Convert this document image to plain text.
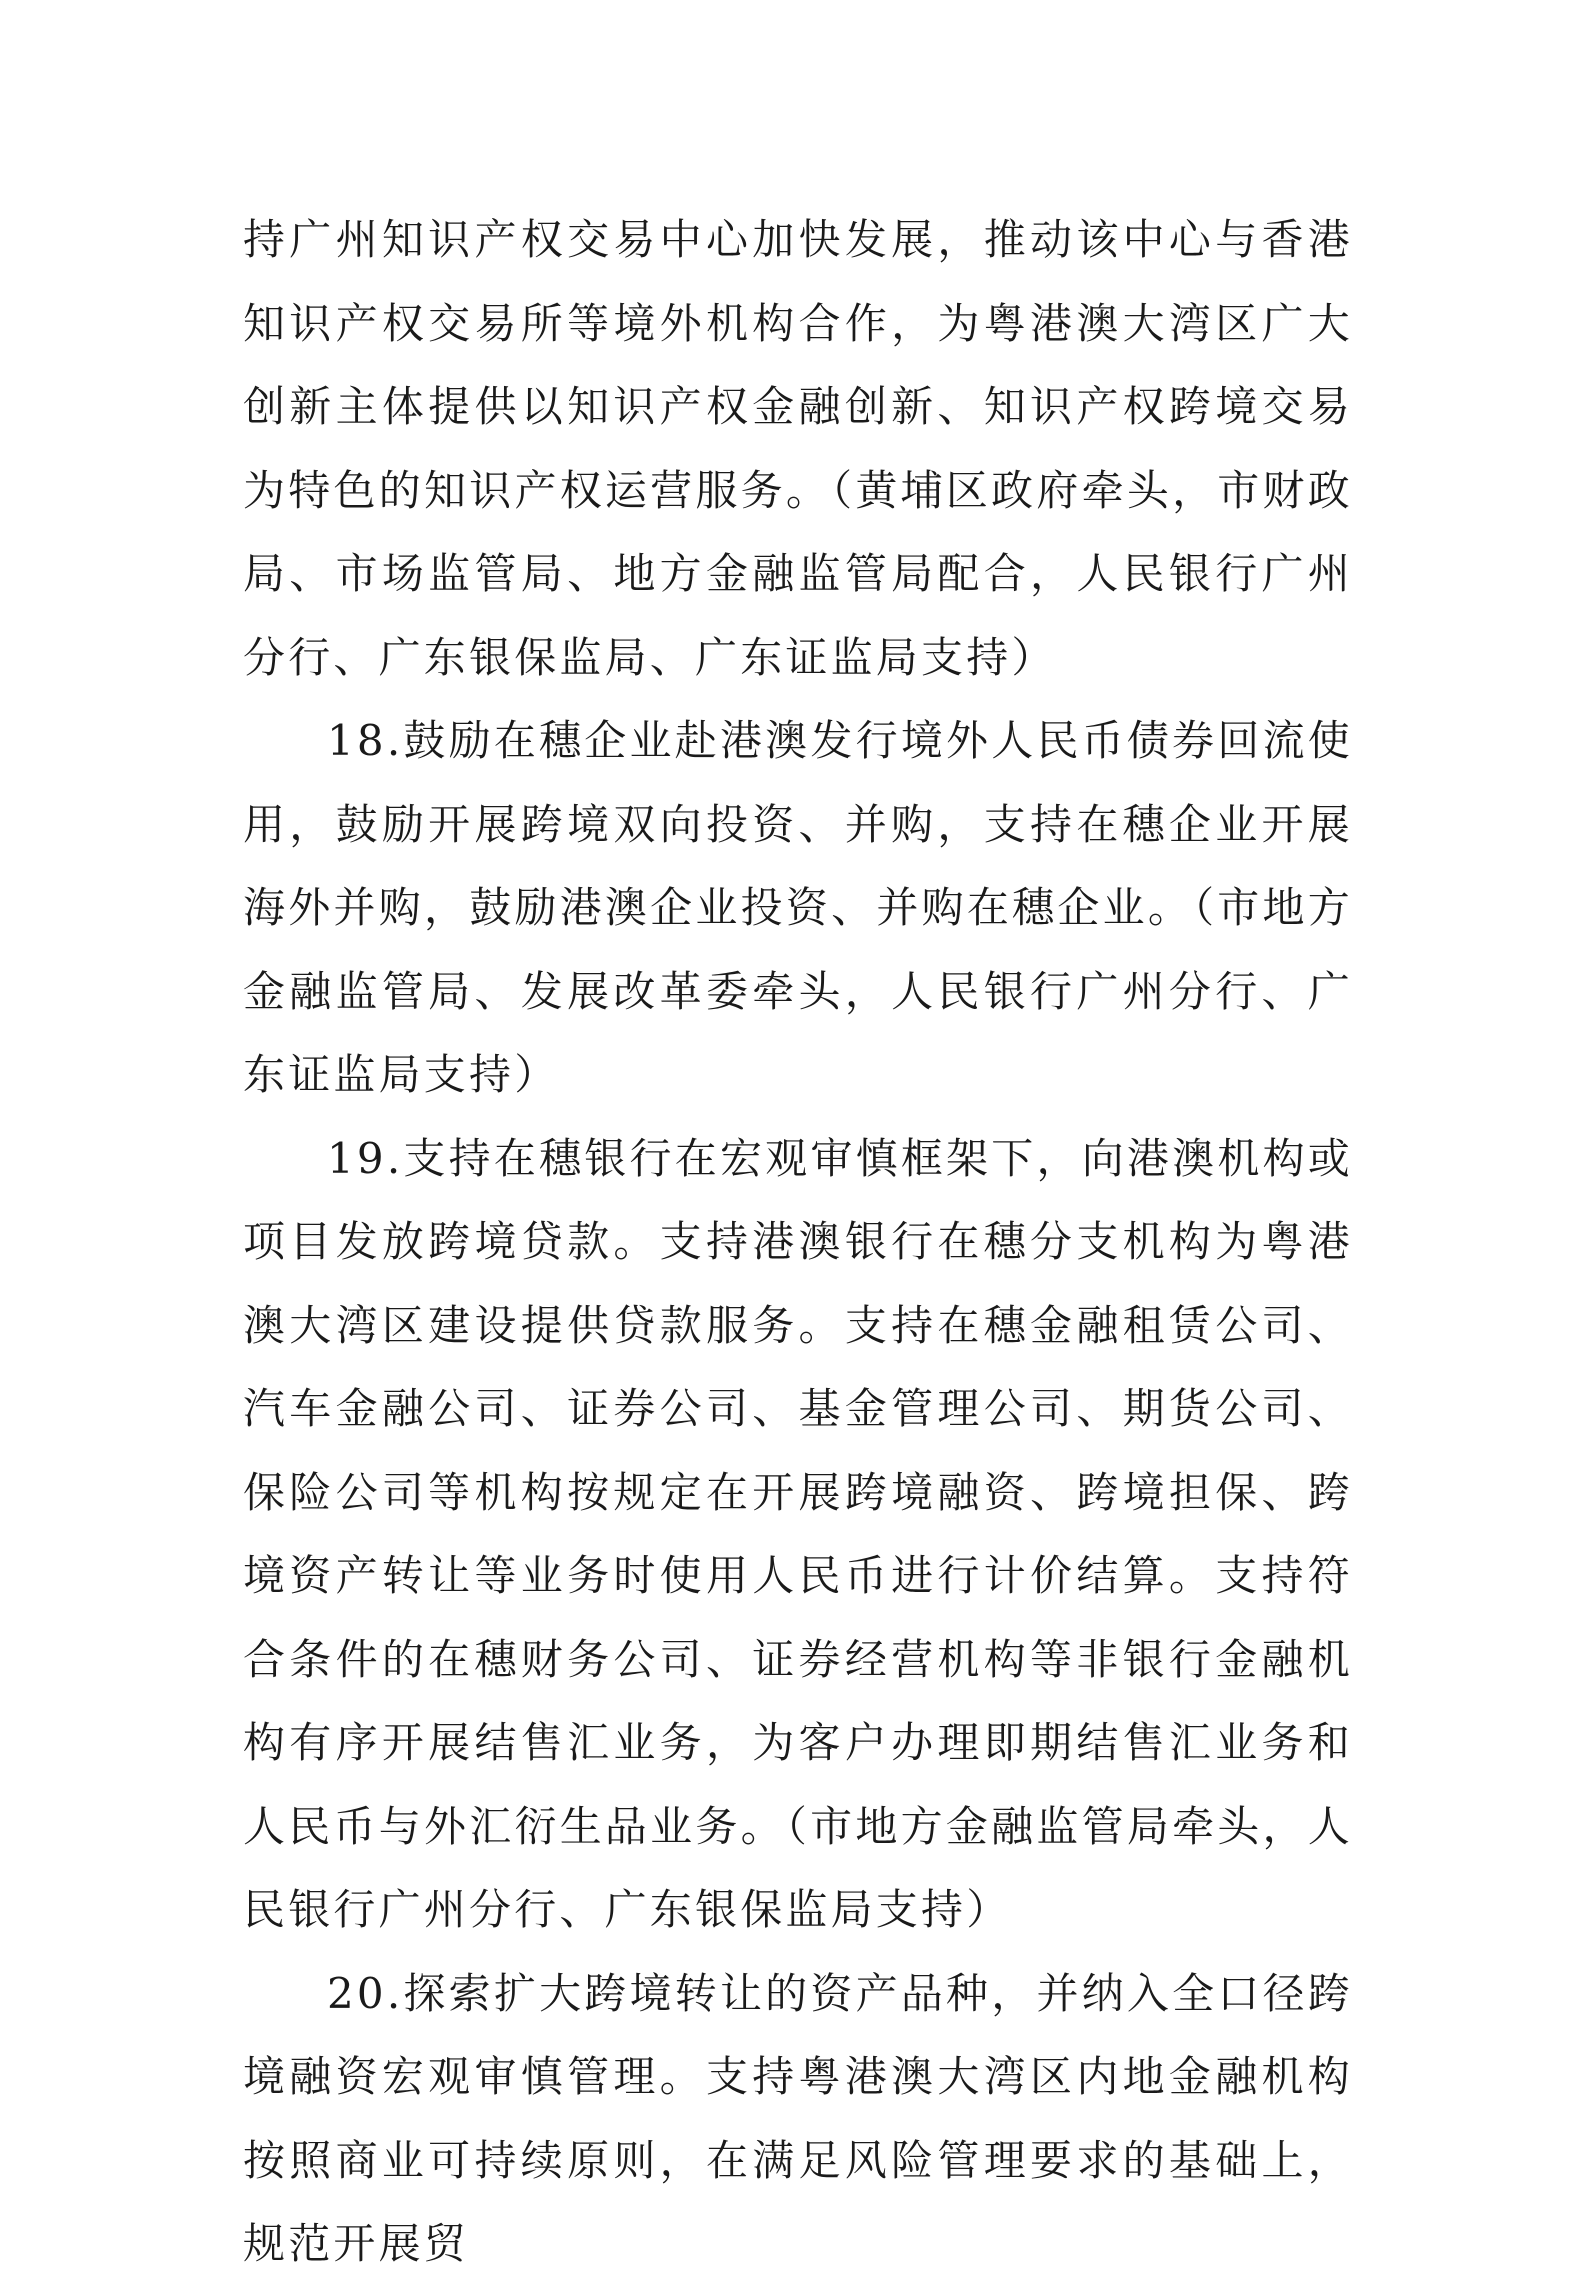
持广州知识产权交易中心加快发展，推动该中心与香港知识产权交易所等境外机构合作，为粤港澳大湾区广大创新主体提供以知识产权金融创新、知识产权跨境交易为特色的知识产权运营服务。（黄埔区政府牵头，市财政局、市场监管局、地方金融监管局配合，人民银行广州分行、广东银保监局、广东证监局支持）

18.鼓励在穗企业赴港澳发行境外人民币债券回流使用，鼓励开展跨境双向投资、并购，支持在穗企业开展海外并购，鼓励港澳企业投资、并购在穗企业。（市地方金融监管局、发展改革委牵头，人民银行广州分行、广东证监局支持）

19.支持在穗银行在宏观审慎框架下，向港澳机构或项目发放跨境贷款。支持港澳银行在穗分支机构为粤港澳大湾区建设提供贷款服务。支持在穗金融租赁公司、汽车金融公司、证券公司、基金管理公司、期货公司、保险公司等机构按规定在开展跨境融资、跨境担保、跨境资产转让等业务时使用人民币进行计价结算。支持符合条件的在穗财务公司、证券经营机构等非银行金融机构有序开展结售汇业务，为客户办理即期结售汇业务和人民币与外汇衍生品业务。（市地方金融监管局牵头，人民银行广州分行、广东银保监局支持）

20.探索扩大跨境转让的资产品种，并纳入全口径跨境融资宏观审慎管理。支持粤港澳大湾区内地金融机构按照商业可持续原则，在满足风险管理要求的基础上，规范开展贸
